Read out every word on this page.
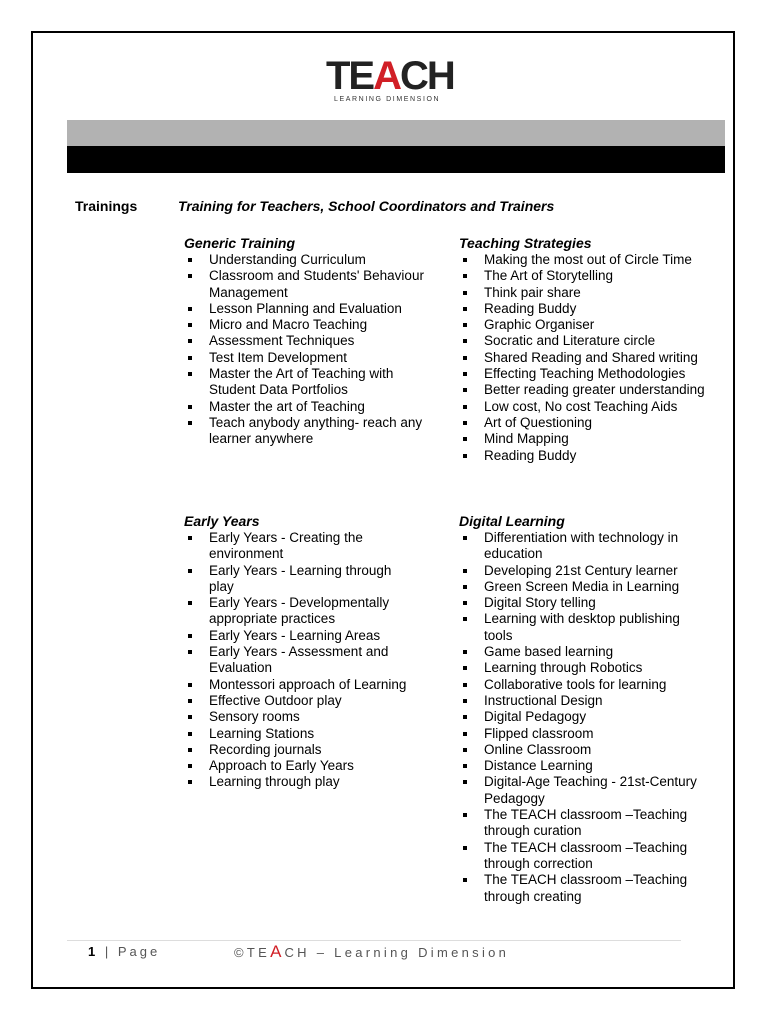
TEACH
LEARNING DIMENSION
Trainings	Training for Teachers, School Coordinators and Trainers
Generic Training
Understanding Curriculum
Classroom and Students' Behaviour Management
Lesson Planning and Evaluation
Micro and Macro Teaching
Assessment Techniques
Test Item Development
Master the Art of Teaching with Student Data Portfolios
Master the art of Teaching
Teach anybody anything- reach any learner anywhere
Teaching Strategies
Making the most out of Circle Time
The Art of Storytelling
Think pair share
Reading Buddy
Graphic Organiser
Socratic and Literature circle
Shared Reading and Shared writing
Effecting Teaching Methodologies
Better reading greater understanding
Low cost, No cost Teaching Aids
Art of Questioning
Mind Mapping
Reading Buddy
Early Years
Early Years - Creating the environment
Early Years - Learning through play
Early Years - Developmentally appropriate practices
Early Years - Learning Areas
Early Years - Assessment and Evaluation
Montessori approach of Learning
Effective Outdoor play
Sensory rooms
Learning Stations
Recording journals
Approach to Early Years
Learning through play
Digital Learning
Differentiation with technology in education
Developing 21st Century learner
Green Screen Media in Learning
Digital Story telling
Learning with desktop publishing tools
Game based learning
Learning through Robotics
Collaborative tools for learning
Instructional Design
Digital Pedagogy
Flipped classroom
Online Classroom
Distance Learning
Digital-Age Teaching - 21st-Century Pedagogy
The TEACH classroom –Teaching through curation
The TEACH classroom –Teaching through correction
The TEACH classroom –Teaching through creating
1 | Page	©TEACH – Learning Dimension
